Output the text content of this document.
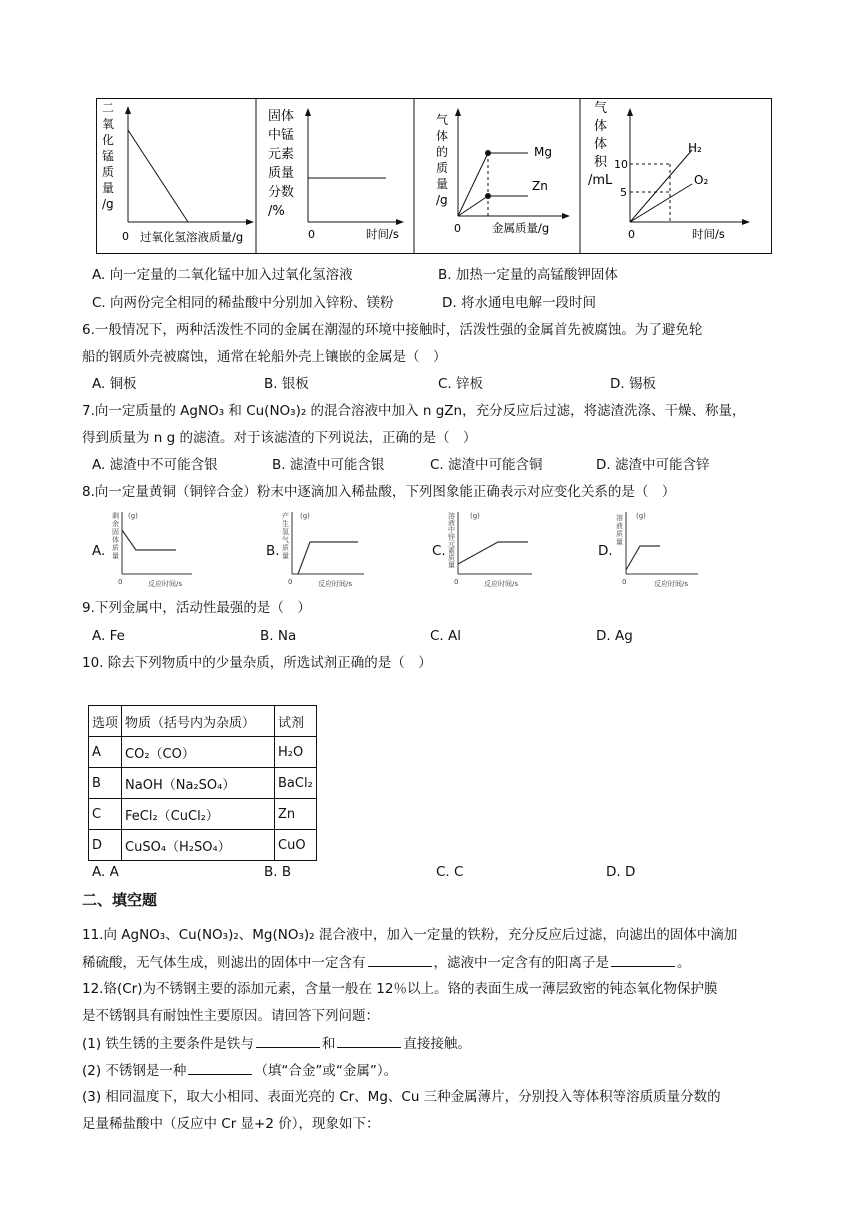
二氧化锰质量/g
0 过氧化氢溶液质量/g
固体中锰元素质量分数/%
0	时间/s
气体的质量/g
Mg
Zn
0	金属质量/g
气体体积/mL
10
5
H₂
O₂
0	时间/s
A. 向一定量的二氧化锰中加入过氧化氢溶液	B. 加热一定量的高锰酸钾固体
C. 向两份完全相同的稀盐酸中分别加入锌粉、镁粉	D. 将水通电电解一段时间
6.一般情况下，两种活泼性不同的金属在潮湿的环境中接触时，活泼性强的金属首先被腐蚀。为了避免轮
船的钢质外壳被腐蚀，通常在轮船外壳上镶嵌的金属是（　）
A. 铜板	B. 银板	C. 锌板	D. 锡板
7.向一定质量的 AgNO₃ 和 Cu(NO₃)₂ 的混合溶液中加入 n gZn，充分反应后过滤，将滤渣洗涤、干燥、称量，
得到质量为 n g 的滤渣。对于该滤渣的下列说法，正确的是（　）
A. 滤渣中不可能含银	B. 滤渣中可能含银	C. 滤渣中可能含铜	D. 滤渣中可能含锌
8.向一定量黄铜（铜锌合金）粉末中逐滴加入稀盐酸，下列图象能正确表示对应变化关系的是（　）
A.	B.	C.	D.
剩余固体质量
(g)
0	反应时间/s
产生氢气质量
(g)
0	反应时间/s
溶液中锌元素质量
(g)
0	反应时间/s
溶液质量
(g)
0	反应时间/s
9.下列金属中，活动性最强的是（　）
A. Fe	B. Na	C. Al	D. Ag
10. 除去下列物质中的少量杂质，所选试剂正确的是（　）
选项	物质（括号内为杂质）	试剂
A	CO₂（CO）	H₂O
B	NaOH（Na₂SO₄）	BaCl₂
C	FeCl₂（CuCl₂）	Zn
D	CuSO₄（H₂SO₄）	CuO
A. A	B. B	C. C	D. D
二、填空题
11.向 AgNO₃、Cu(NO₃)₂、Mg(NO₃)₂ 混合液中，加入一定量的铁粉，充分反应后过滤，向滤出的固体中滴加
稀硫酸，无气体生成，则滤出的固体中一定含有	，滤液中一定含有的阳离子是	。
12.铬(Cr)为不锈钢主要的添加元素，含量一般在 12％以上。铬的表面生成一薄层致密的钝态氧化物保护膜
是不锈钢具有耐蚀性主要原因。请回答下列问题：
(1) 铁生锈的主要条件是铁与	和	直接接触。
(2) 不锈钢是一种	（填“合金”或“金属”）。
(3) 相同温度下，取大小相同、表面光亮的 Cr、Mg、Cu 三种金属薄片，分别投入等体积等溶质质量分数的
足量稀盐酸中（反应中 Cr 显+2 价），现象如下：
